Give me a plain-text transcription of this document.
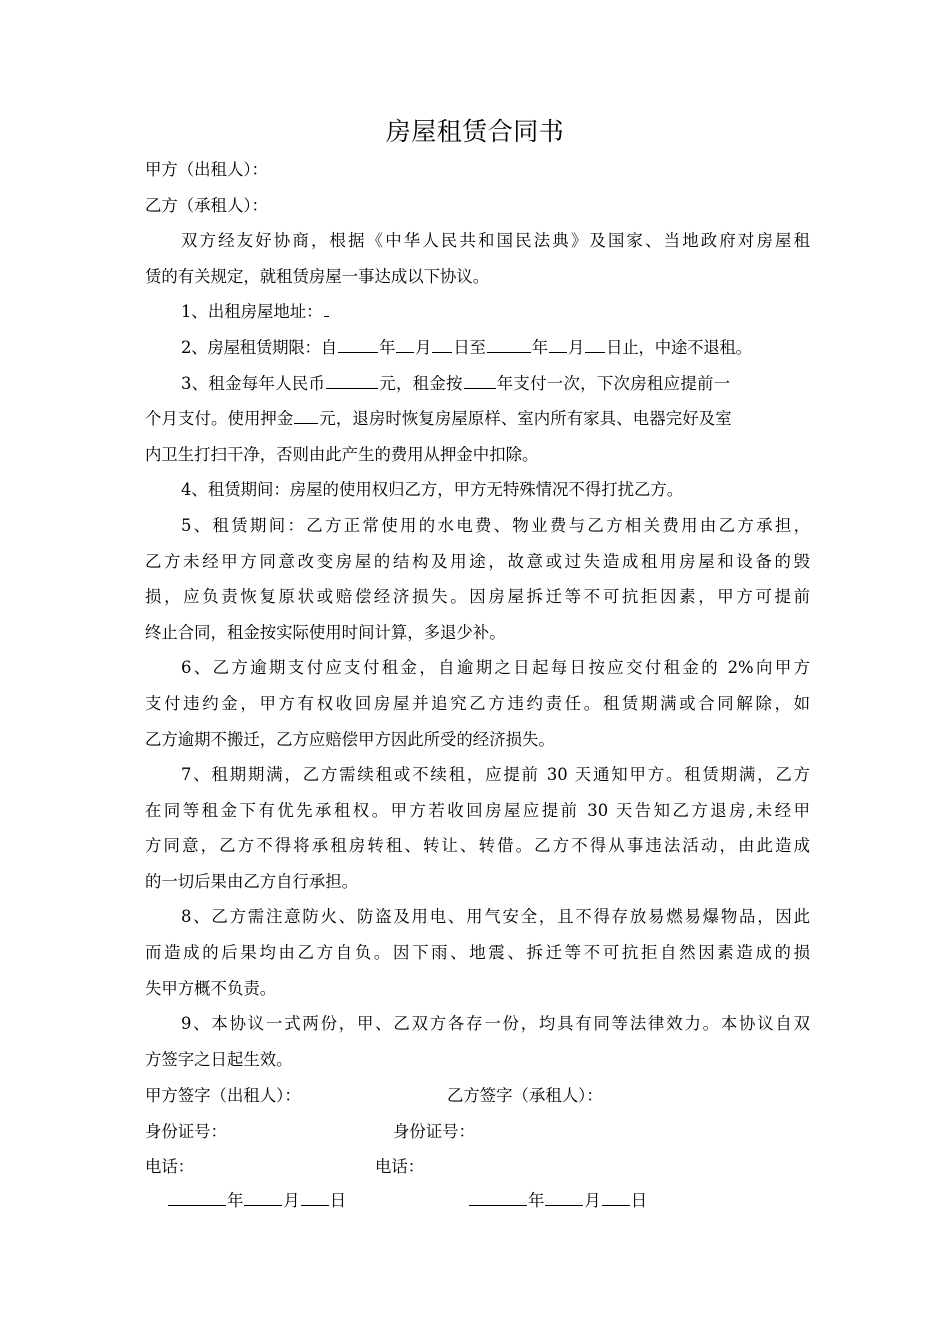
房屋租赁合同书
甲方（出租人）：
乙方（承租人）：
双方经友好协商，根据《中华人民共和国民法典》及国家、当地政府对房屋租
赁的有关规定，就租赁房屋一事达成以下协议。
1、出租房屋地址：
2、房屋租赁期限：自	年 月 日至	年 月 日止，中途不退租。
3、租金每年人民币	元，租金按 年支付一次，下次房租应提前一
个月支付。使用押金 元，退房时恢复房屋原样、室内所有家具、电器完好及室
内卫生打扫干净，否则由此产生的费用从押金中扣除。
4、租赁期间：房屋的使用权归乙方，甲方无特殊情况不得打扰乙方。
5、租赁期间：乙方正常使用的水电费、物业费与乙方相关费用由乙方承担，
乙方未经甲方同意改变房屋的结构及用途，故意或过失造成租用房屋和设备的毁
损，应负责恢复原状或赔偿经济损失。因房屋拆迁等不可抗拒因素，甲方可提前
终止合同，租金按实际使用时间计算，多退少补。
6、乙方逾期支付应支付租金，自逾期之日起每日按应交付租金的 2%向甲方
支付违约金，甲方有权收回房屋并追究乙方违约责任。租赁期满或合同解除，如
乙方逾期不搬迁，乙方应赔偿甲方因此所受的经济损失。
7、租期期满，乙方需续租或不续租，应提前 30 天通知甲方。租赁期满，乙方
在同等租金下有优先承租权。甲方若收回房屋应提前 30 天告知乙方退房,未经甲
方同意，乙方不得将承租房转租、转让、转借。乙方不得从事违法活动，由此造成
的一切后果由乙方自行承担。
8、乙方需注意防火、防盗及用电、用气安全，且不得存放易燃易爆物品，因此
而造成的后果均由乙方自负。因下雨、地震、拆迁等不可抗拒自然因素造成的损
失甲方概不负责。
9、本协议一式两份，甲、乙双方各存一份，均具有同等法律效力。本协议自双
方签字之日起生效。
甲方签字（出租人）：	乙方签字（承租人）：
身份证号：	身份证号：
电话：	电话：
年 月 日	年 月 日
